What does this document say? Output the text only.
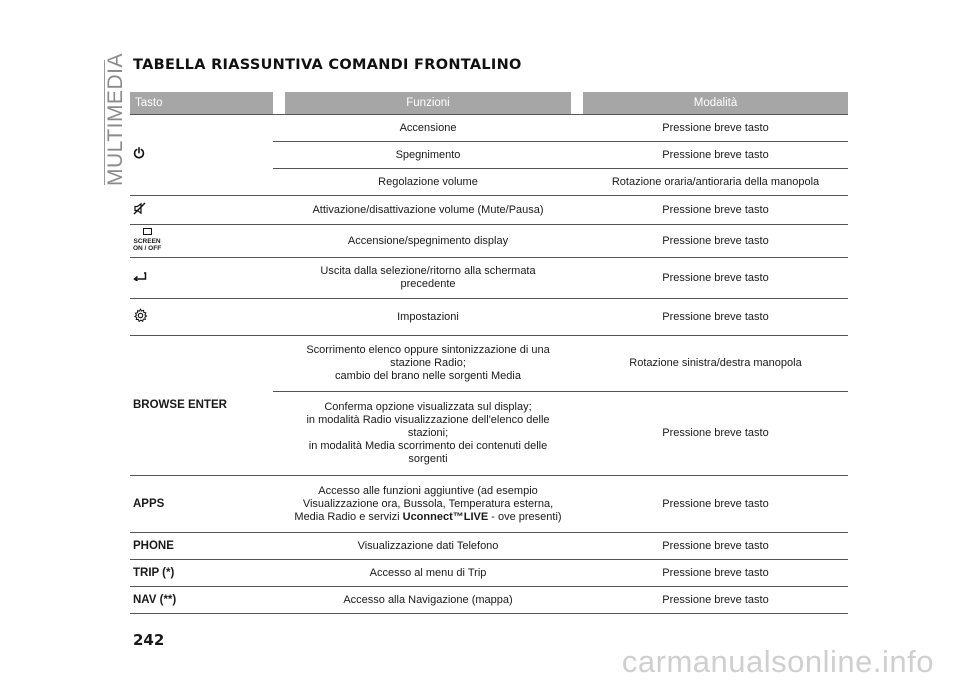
MULTIMEDIA TABELLA RIASSUNTIVA COMANDI FRONTALINO
Tasto		Funzioni		Modalità
		Accensione		Pressione breve tasto
		Spegnimento		Pressione breve tasto
		Regolazione volume		Rotazione oraria/antioraria della manopola
		Attivazione/disattivazione volume (Mute/Pausa)		Pressione breve tasto

SCREEN
ON / OFF		Accensione/spegnimento display		Pressione breve tasto
		Uscita dalla selezione/ritorno alla schermata
precedente		Pressione breve tasto
		Impostazioni		Pressione breve tasto
BROWSE ENTER		Scorrimento elenco oppure sintonizzazione di una
stazione Radio;
cambio del brano nelle sorgenti Media		Rotazione sinistra/destra manopola
		Conferma opzione visualizzata sul display;
in modalità Radio visualizzazione dell'elenco delle
stazioni;
in modalità Media scorrimento dei contenuti delle
sorgenti		Pressione breve tasto
APPS		Accesso alle funzioni aggiuntive (ad esempio
Visualizzazione ora, Bussola, Temperatura esterna,
Media Radio e servizi Uconnect™LIVE - ove presenti)		Pressione breve tasto
PHONE		Visualizzazione dati Telefono		Pressione breve tasto
TRIP (*)		Accesso al menu di Trip		Pressione breve tasto
NAV (**)		Accesso alla Navigazione (mappa)		Pressione breve tasto
242
carmanualsonline.info
